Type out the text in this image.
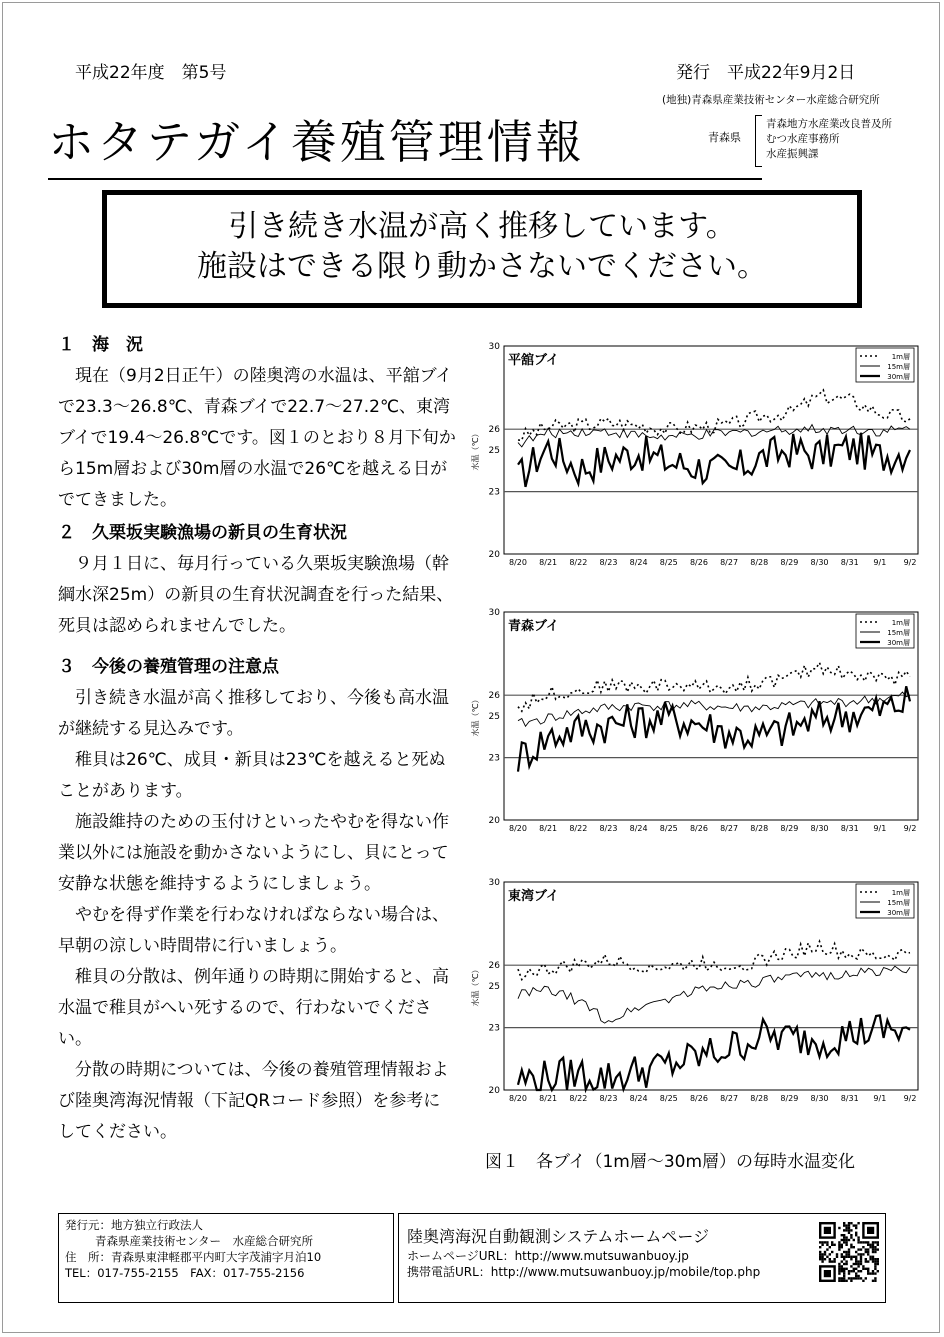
平成22年度　第5号	発行　平成22年9月2日
(地独)青森県産業技術センター水産総合研究所
ホタテガイ養殖管理情報	青森県
青森地方水産業改良普及所
むつ水産事務所
水産振興課
引き続き水温が高く推移しています。
施設はできる限り動かさないでください。
１　海　況
現在（9月2日正午）の陸奥湾の水温は、平舘ブイで23.3～26.8℃、青森ブイで22.7～27.2℃、東湾ブイで19.4～26.8℃です。図１のとおり８月下旬から15m層および30m層の水温で26℃を越える日がでてきました。
２　久栗坂実験漁場の新貝の生育状況
９月１日に、毎月行っている久栗坂実験漁場（幹綱水深25m）の新貝の生育状況調査を行った結果、死貝は認められませんでした。
３　今後の養殖管理の注意点
引き続き水温が高く推移しており、今後も高水温が継続する見込みです。
稚貝は26℃、成貝・新貝は23℃を越えると死ぬことがあります。
施設維持のための玉付けといったやむを得ない作業以外には施設を動かさないようにし、貝にとって安静な状態を維持するようにしましょう。
やむを得ず作業を行わなければならない場合は、早朝の涼しい時間帯に行いましょう。
稚貝の分散は、例年通りの時期に開始すると、高水温で稚貝がへい死するので、行わないでください。
分散の時期については、今後の養殖管理情報および陸奥湾海況情報（下記QRコード参照）を参考にしてください。
20
23
25
26
30
水温（℃）
8/20 8/21 8/22 8/23 8/24 8/25 8/26 8/27 8/28 8/29 8/30 8/31 9/1 9/2
平舘ブイ	1m層
15m層
30m層
20
23
25
26
30
水温（℃）
8/20 8/21 8/22 8/23 8/24 8/25 8/26 8/27 8/28 8/29 8/30 8/31 9/1 9/2
青森ブイ	1m層
15m層
30m層
20
23
25
26
30
水温（℃）
8/20 8/21 8/22 8/23 8/24 8/25 8/26 8/27 8/28 8/29 8/30 8/31 9/1 9/2
東湾ブイ	1m層
15m層
30m層
図１　各ブイ（1m層～30m層）の毎時水温変化
発行元：地方独立行政法人
青森県産業技術センター　水産総合研究所
住　所：青森県東津軽郡平内町大字茂浦字月泊10
TEL：017-755-2155　FAX：017-755-2156
陸奥湾海況自動観測システムホームページ
ホームページURL：http://www.mutsuwanbuoy.jp
携帯電話URL：http://www.mutsuwanbuoy.jp/mobile/top.php
